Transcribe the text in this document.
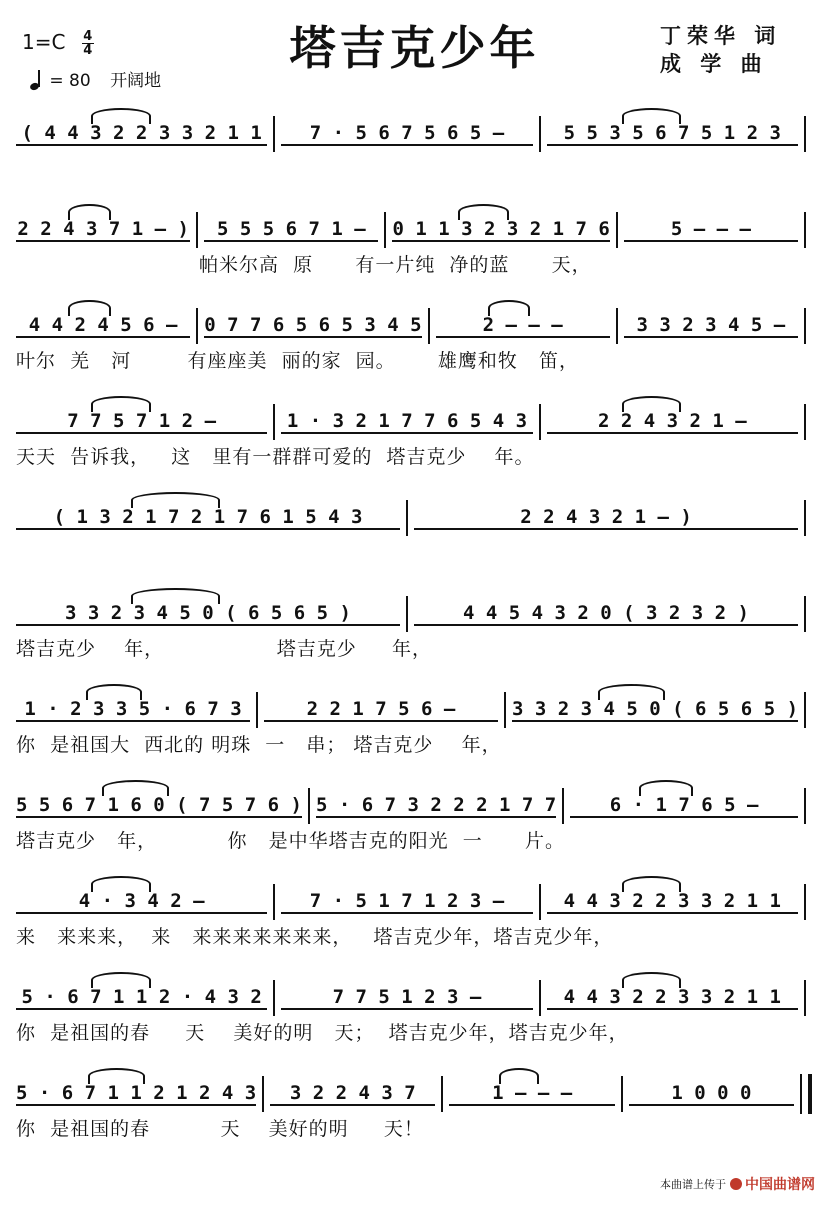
$1=C \frac{4}{4}$
= 80 开阔地
塔吉克少年	丁荣华 词
成 学 曲
( 4 4 3 2 2 3 3 2 1 1	7 · 5 6 7 5 6 5 –	5 5 3 5 6 7 5 1 2 3
2 2 4 3 7 1 – )	5 5 5 6 7 1 –	0 1 1 3 2 3 2 1 7 6	5 – – –
帕米尔高  原      有一片纯  净的蓝      天，
4 4 2 4 5 6 –	0 7 7 6 5 6 5 3 4 5	2 – – –	3 3 2 3 4 5 –
叶尔  羌   河        有座座美  丽的家  园。      雄鹰和牧   笛，
7 7 5 7 1 2 –	1 · 3 2 1 7 7 6 5 4 3	2 2 4 3 2 1 –
天天  告诉我，   这   里有一群群可爱的  塔吉克少    年。
( 1 3 2 1 7 2 1 7 6 1 5 4 3	2 2 4 3 2 1 – )
3 3 2 3 4 5 0 ( 6 5 6 5 )	4 4 5 4 3 2 0 ( 3 2 3 2 )
塔吉克少    年，                塔吉克少     年，
1 · 2 3 3 5 · 6 7 3	2 2 1 7 5 6 –	3 3 2 3 4 5 0 ( 6 5 6 5 )
你  是祖国大  西北的 明珠  一   串； 塔吉克少    年，
5 5 6 7 1 6 0 ( 7 5 7 6 ) 5 · 6 7 3 2 2 2 1 7 7	6 · 1 7 6 5 –
塔吉克少   年，          你   是中华塔吉克的阳光  一      片。
4 · 3 4 2 –	7 · 5 1 7 1 2 3 –	4 4 3 2 2 3 3 2 1 1
来   来来来，  来   来来来来来来来，   塔吉克少年，塔吉克少年，
5 · 6 7 1 1 2 · 4 3 2	7 7 5 1 2 3 –	4 4 3 2 2 3 3 2 1 1
你  是祖国的春     天    美好的明   天；  塔吉克少年，塔吉克少年，
5 · 6 7 1 1 2 1 2 4 3	3 2 2 4 3 7	1 – – –	1 0 0 0
你  是祖国的春          天    美好的明     天！
本曲谱上传于 中国曲谱网
